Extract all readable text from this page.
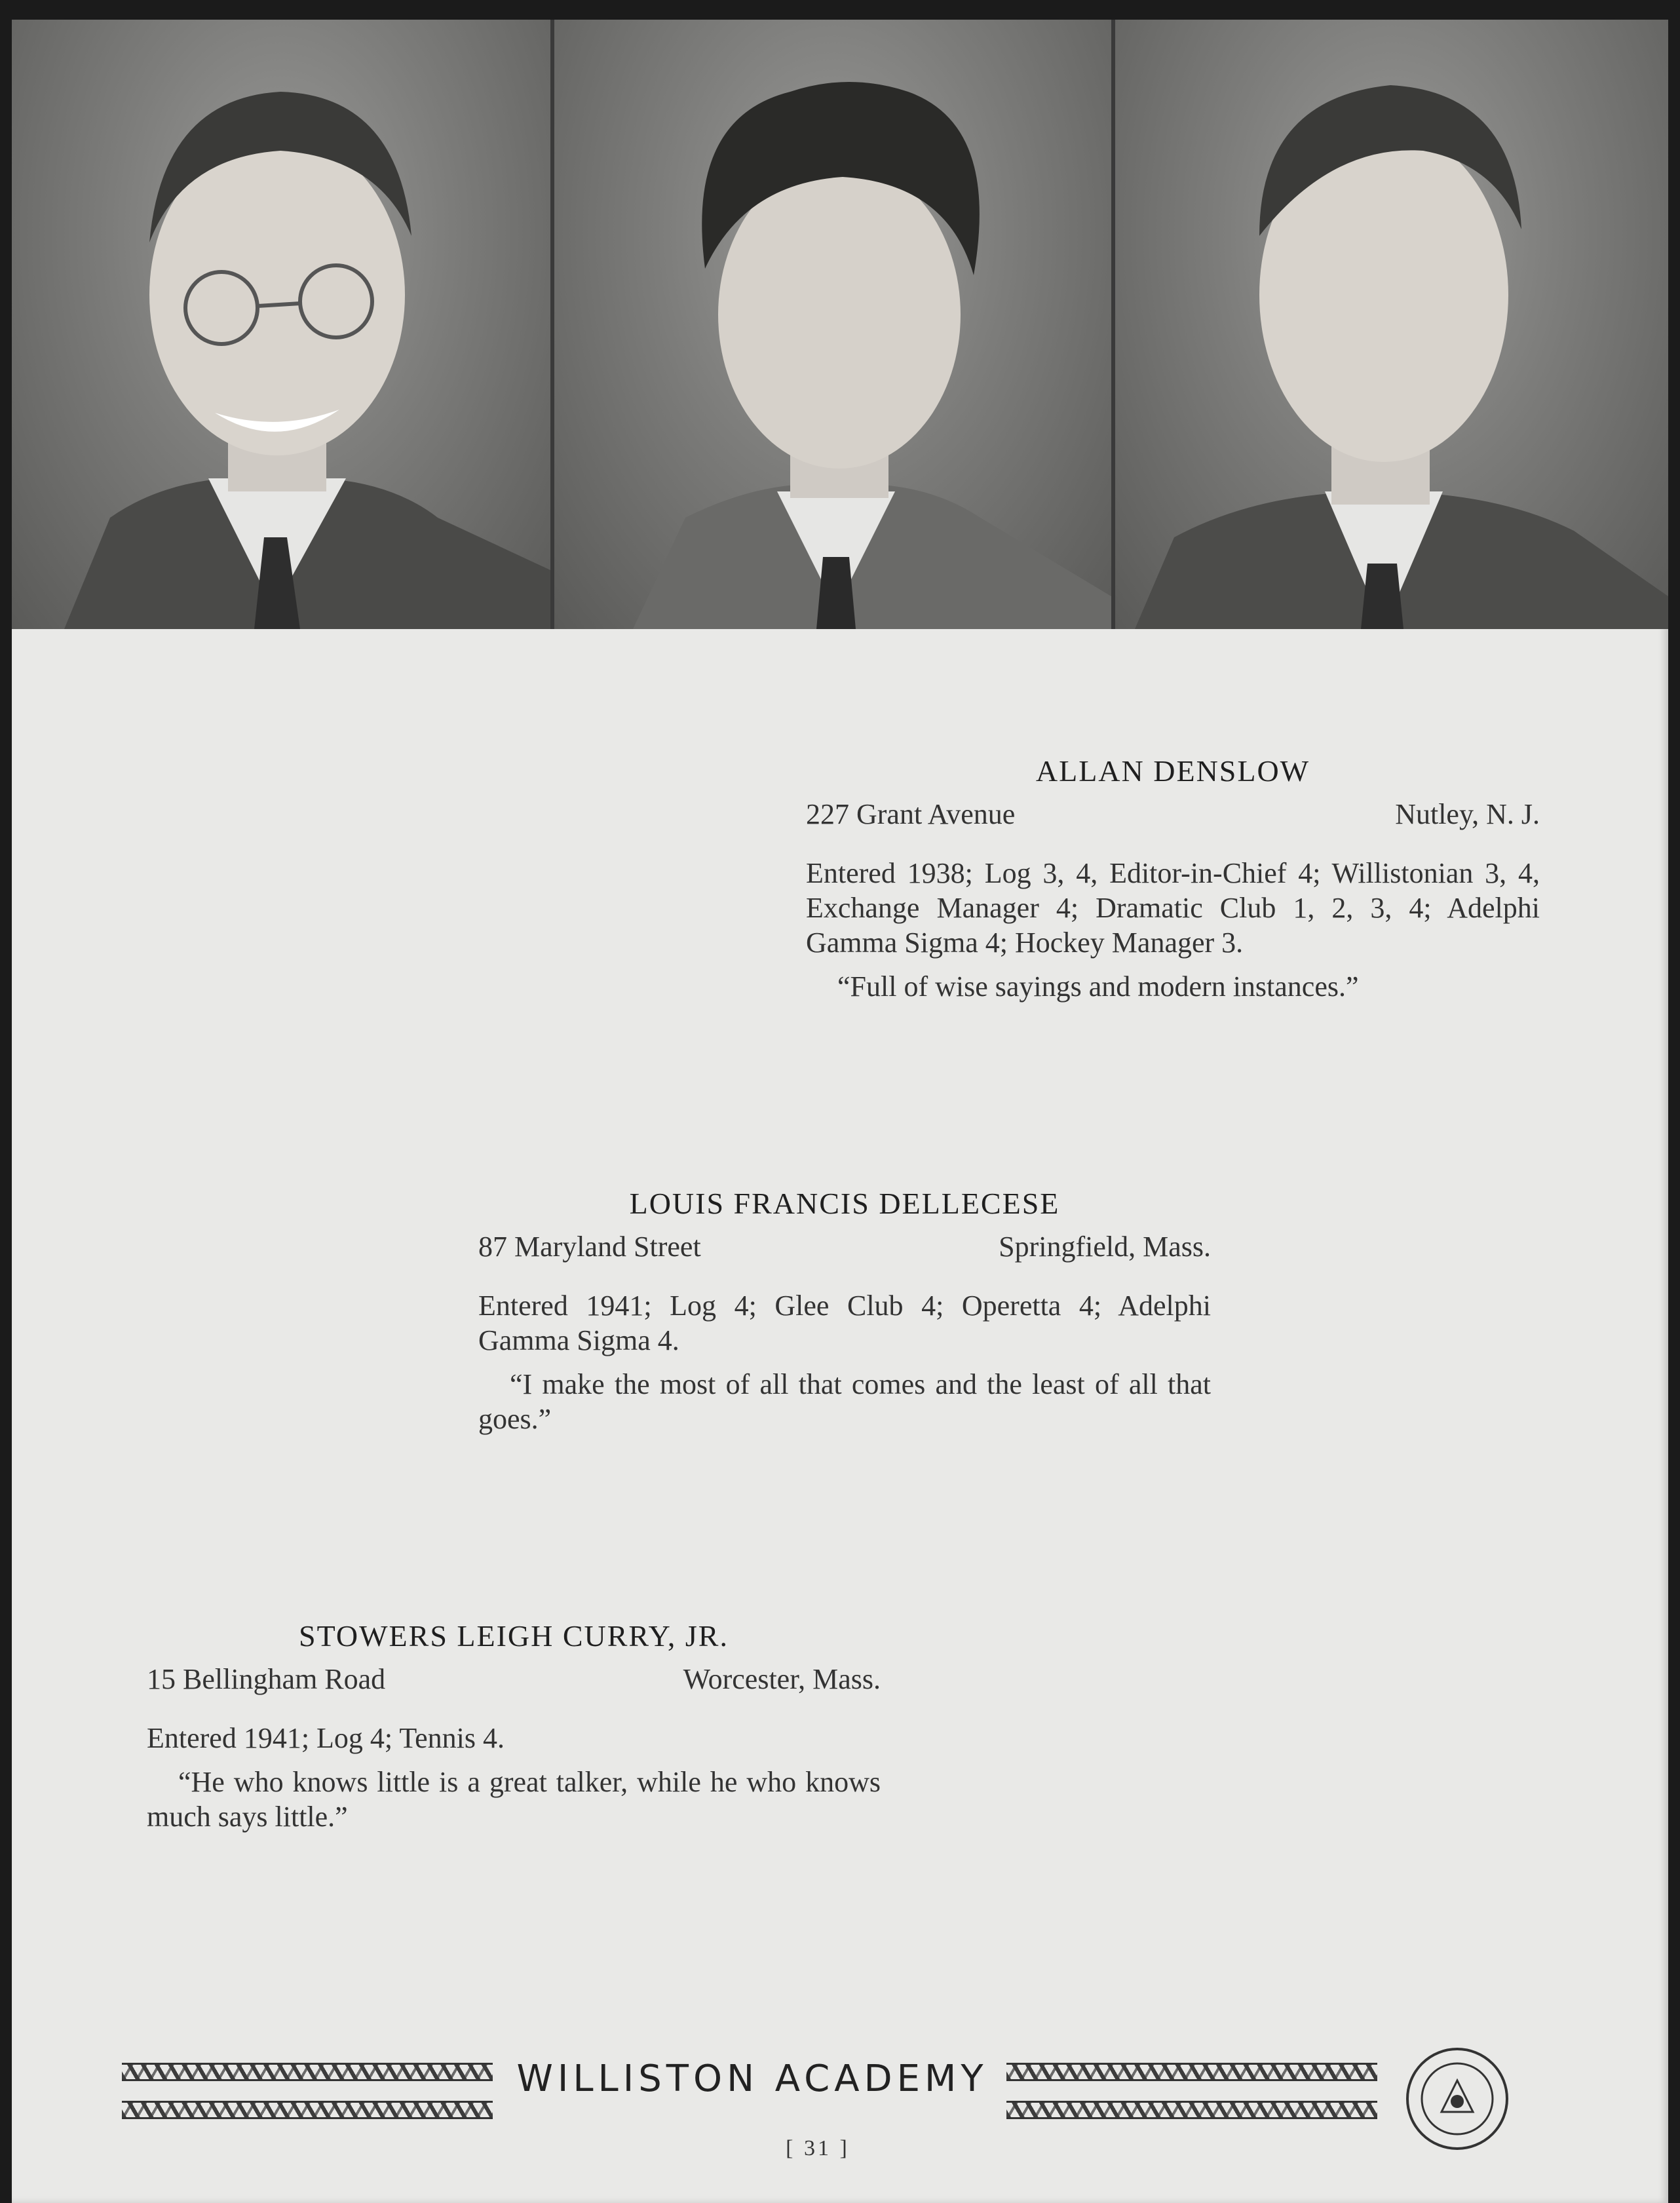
ALLAN DENSLOW
227 Grant Avenue	Nutley, N. J.
Entered 1938; Log 3, 4, Editor-in-Chief 4; Willistonian 3, 4, Exchange Manager 4; Dramatic Club 1, 2, 3, 4; Adelphi Gamma Sigma 4; Hockey Manager 3.
“Full of wise sayings and modern instances.”
LOUIS FRANCIS DELLECESE
87 Maryland Street	Springfield, Mass.
Entered 1941; Log 4; Glee Club 4; Operetta 4; Adelphi Gamma Sigma 4.
“I make the most of all that comes and the least of all that goes.”
STOWERS LEIGH CURRY, JR.
15 Bellingham Road	Worcester, Mass.
Entered 1941; Log 4; Tennis 4.
“He who knows little is a great talker, while he who knows much says little.”
WILLISTON ACADEMY
[ 31 ]
